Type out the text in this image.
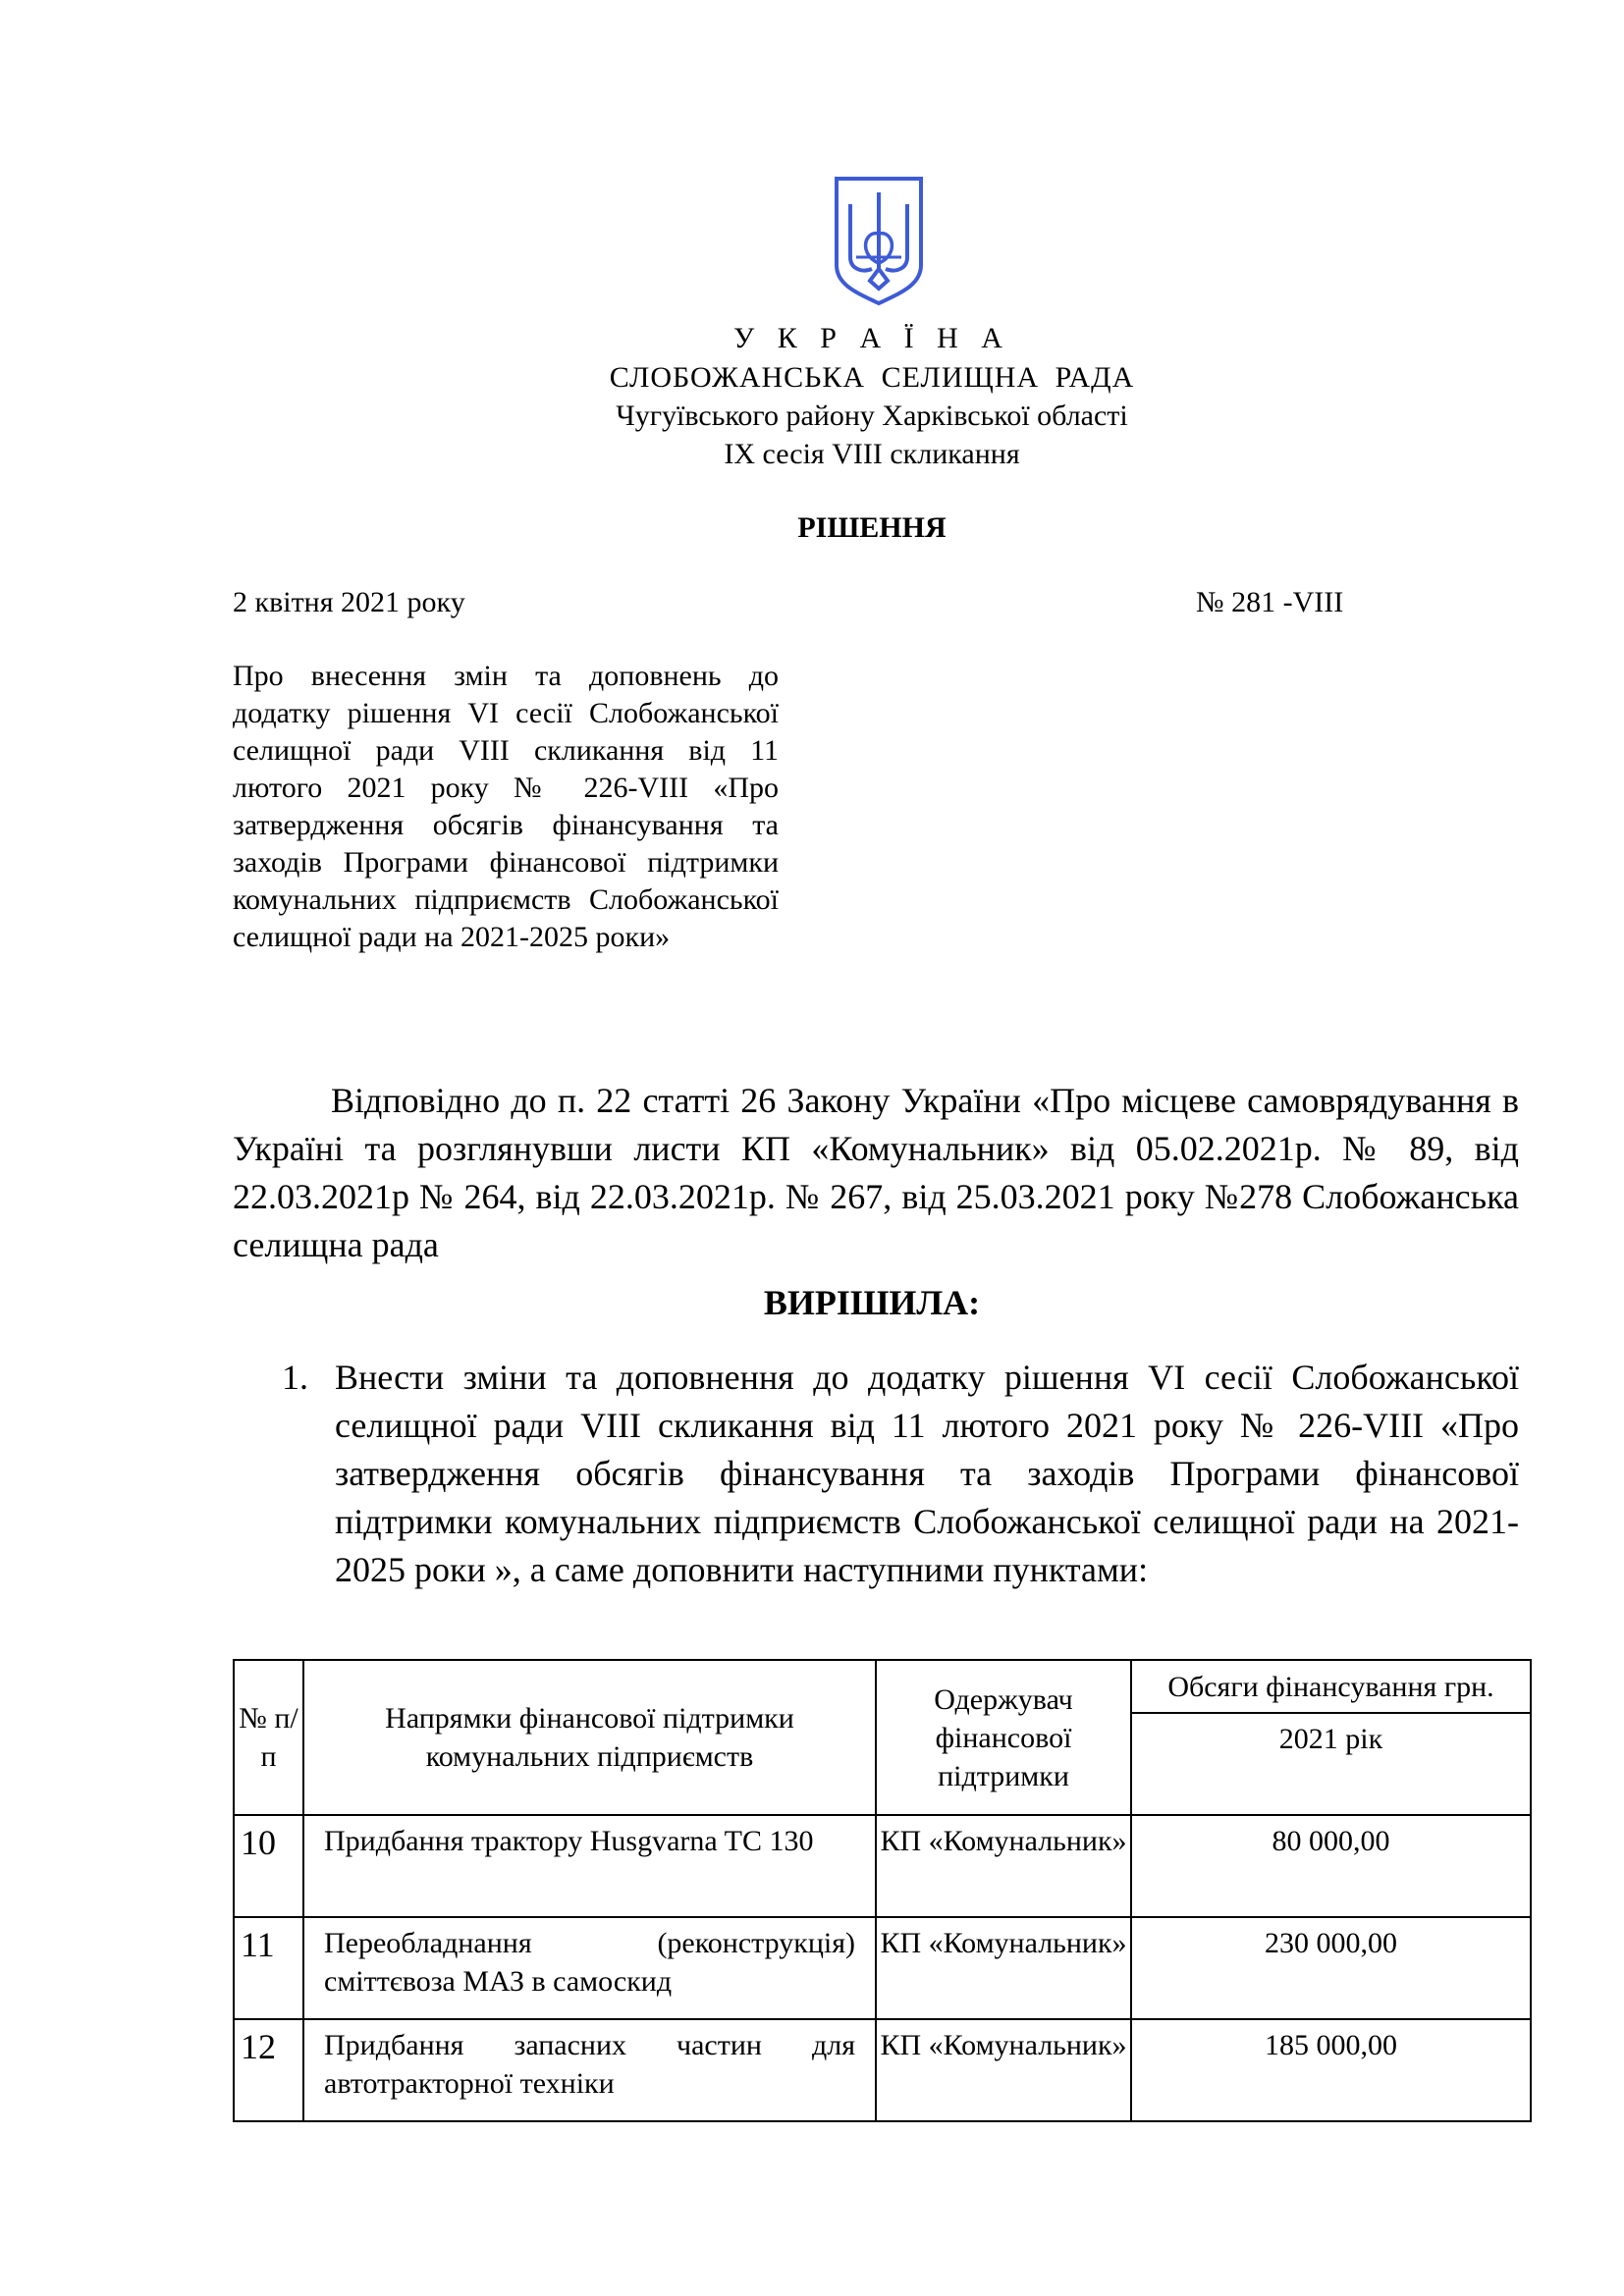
У К Р А Ї Н А
СЛОБОЖАНСЬКА СЕЛИЩНА РАДА
Чугуївського району Харківської області
IX сесія VIII скликання
РІШЕННЯ
2 квітня 2021 року	№ 281 -VIII
Про внесення змін та доповнень до додатку рішення VI сесії Слобожанської селищної ради VIII скликання від 11 лютого 2021 року № 226-VIII «Про затвердження обсягів фінансування та заходів Програми фінансової підтримки комунальних підприємств Слобожанської селищної ради на 2021-2025 роки»
Відповідно до п. 22 статті 26 Закону України «Про місцеве самоврядування в Україні та розглянувши листи КП «Комунальник» від 05.02.2021р. № 89, від 22.03.2021р № 264, від 22.03.2021р. № 267, від 25.03.2021 року №278 Слобожанська селищна рада
ВИРІШИЛА:
1. Внести зміни та доповнення до додатку рішення VI сесії Слобожанської селищної ради VIII скликання від 11 лютого 2021 року № 226-VIII «Про затвердження обсягів фінансування та заходів Програми фінансової підтримки комунальних підприємств Слобожанської селищної ради на 2021-2025 роки », а саме доповнити наступними пунктами:
№ п/п	Напрямки фінансової підтримки комунальних підприємств	Одержувач фінансової підтримки	Обсяги фінансування грн.
			2021 рік
10	Придбання трактору Husgvarna TC 130	КП «Комунальник»	80 000,00
11	Переобладнання (реконструкція) сміттєвоза МАЗ в самоскид	КП «Комунальник»	230 000,00
12	Придбання запасних частин для автотракторної техніки	КП «Комунальник»	185 000,00
